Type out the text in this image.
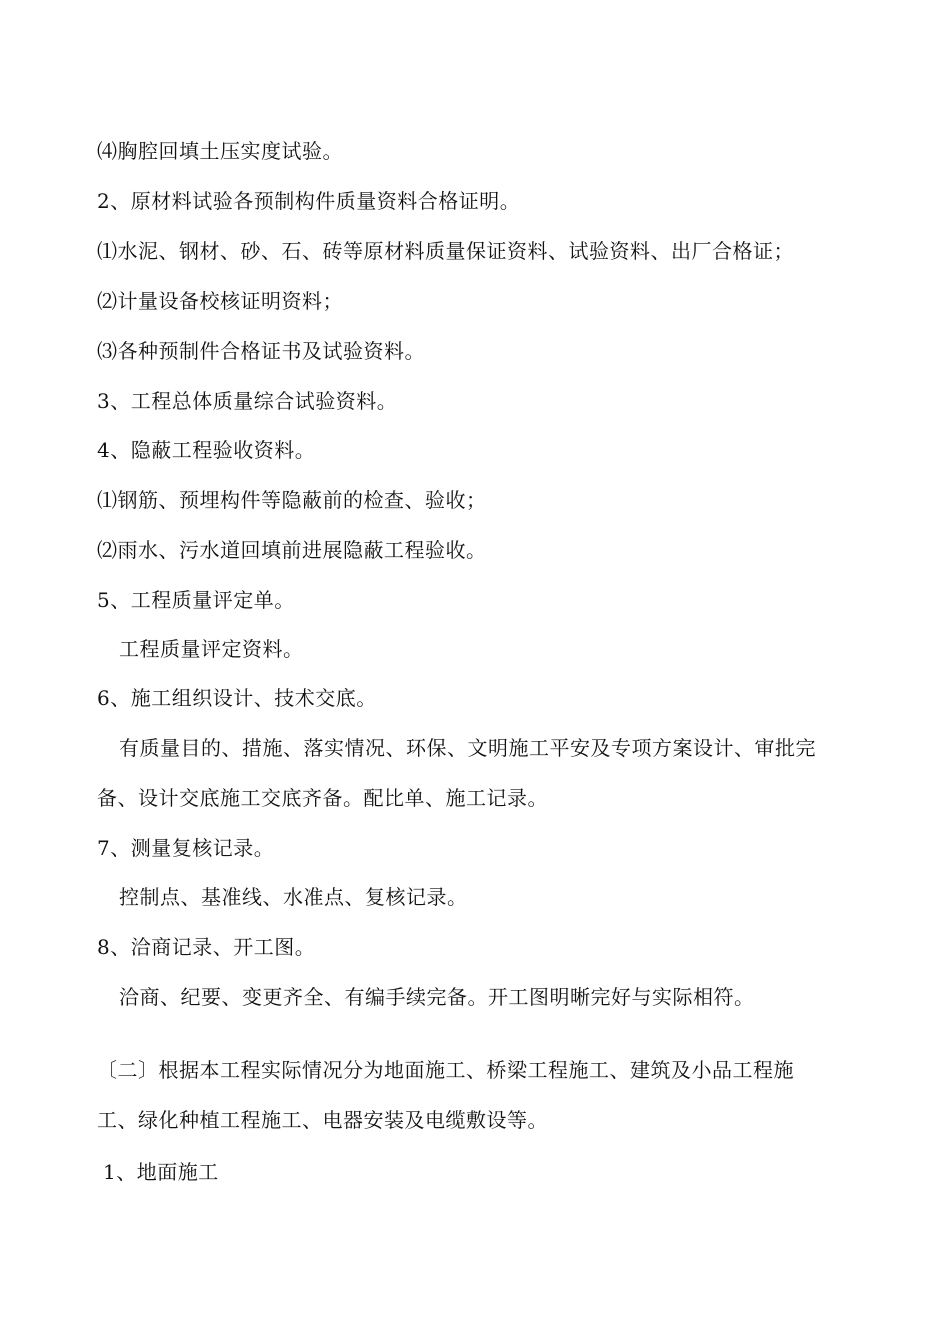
⑷胸腔回填土压实度试验。
2、原材料试验各预制构件质量资料合格证明。
⑴水泥、钢材、砂、石、砖等原材料质量保证资料、试验资料、出厂合格证；
⑵计量设备校核证明资料；
⑶各种预制件合格证书及试验资料。
3、工程总体质量综合试验资料。
4、隐蔽工程验收资料。
⑴钢筋、预埋构件等隐蔽前的检查、验收；
⑵雨水、污水道回填前进展隐蔽工程验收。
5、工程质量评定单。
工程质量评定资料。
6、施工组织设计、技术交底。
有质量目的、措施、落实情况、环保、文明施工平安及专项方案设计、审批完
备、设计交底施工交底齐备。配比单、施工记录。
7、测量复核记录。
控制点、基准线、水准点、复核记录。
8、洽商记录、开工图。
洽商、纪要、变更齐全、有编手续完备。开工图明晰完好与实际相符。
〔二〕根据本工程实际情况分为地面施工、桥梁工程施工、建筑及小品工程施
工、绿化种植工程施工、电器安装及电缆敷设等。
1、地面施工
